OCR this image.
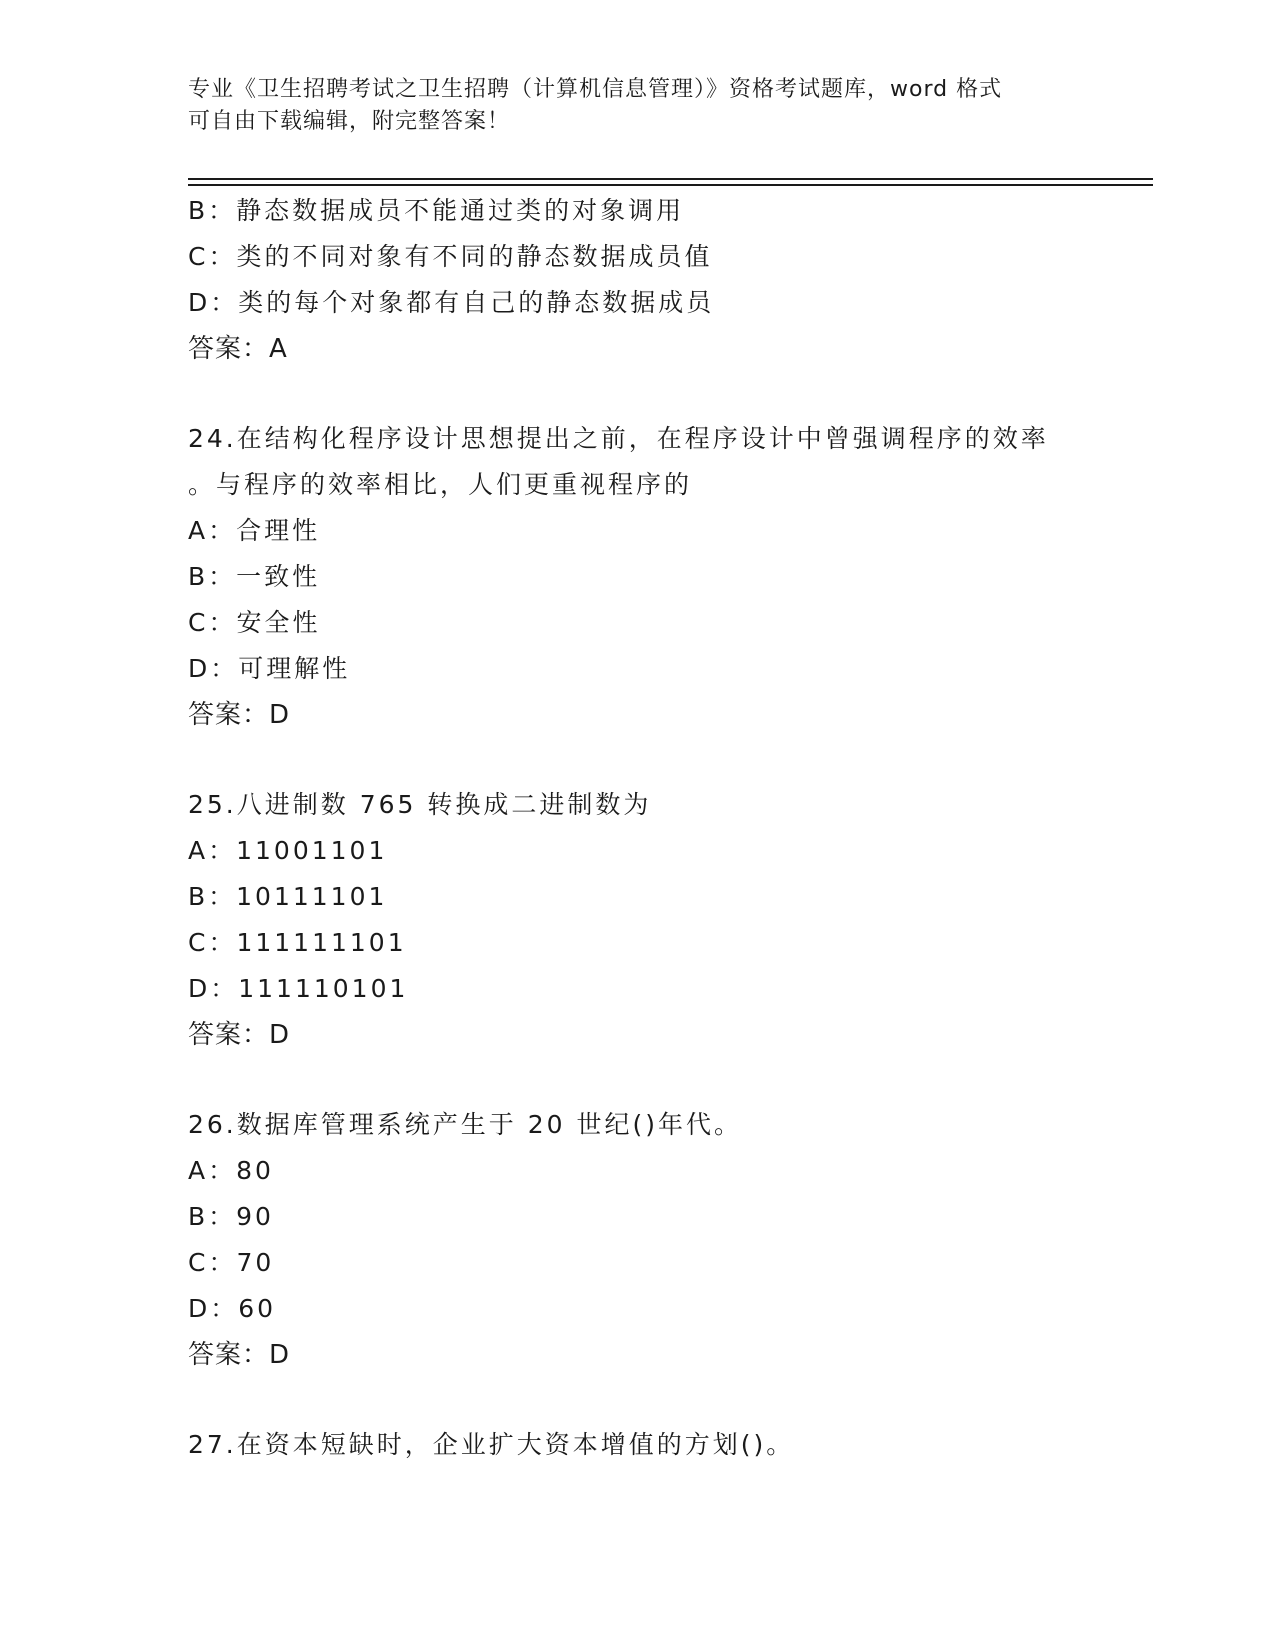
专业《卫生招聘考试之卫生招聘（计算机信息管理）》资格考试题库，word 格式
可自由下载编辑，附完整答案！
B：静态数据成员不能通过类的对象调用
C：类的不同对象有不同的静态数据成员值
D：类的每个对象都有自己的静态数据成员
答案：A
24.在结构化程序设计思想提出之前，在程序设计中曾强调程序的效率
。与程序的效率相比，人们更重视程序的
A：合理性
B：一致性
C：安全性
D：可理解性
答案：D
25.八进制数 765 转换成二进制数为
A：11001101
B：10111101
C：111111101
D：111110101
答案：D
26.数据库管理系统产生于 20 世纪()年代。
A：80
B：90
C：70
D：60
答案：D
27.在资本短缺时，企业扩大资本增值的方划()。
